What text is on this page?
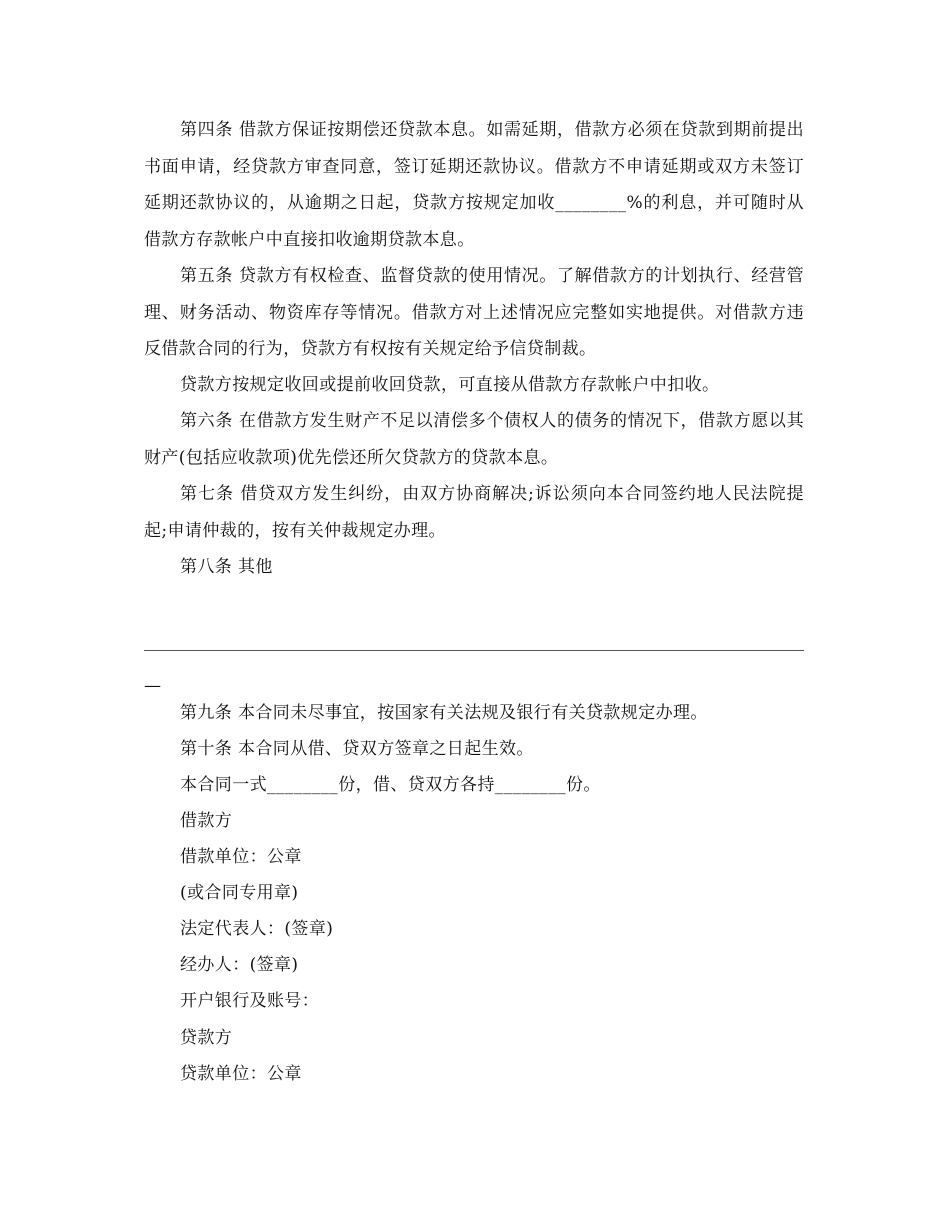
第四条 借款方保证按期偿还贷款本息。如需延期，借款方必须在贷款到期前提出书面申请，经贷款方审查同意，签订延期还款协议。借款方不申请延期或双方未签订延期还款协议的，从逾期之日起，贷款方按规定加收________%的利息，并可随时从借款方存款帐户中直接扣收逾期贷款本息。

第五条 贷款方有权检查、监督贷款的使用情况。了解借款方的计划执行、经营管理、财务活动、物资库存等情况。借款方对上述情况应完整如实地提供。对借款方违反借款合同的行为，贷款方有权按有关规定给予信贷制裁。

贷款方按规定收回或提前收回贷款，可直接从借款方存款帐户中扣收。

第六条 在借款方发生财产不足以清偿多个债权人的债务的情况下，借款方愿以其财产(包括应收款项)优先偿还所欠贷款方的贷款本息。

第七条 借贷双方发生纠纷，由双方协商解决;诉讼须向本合同签约地人民法院提起;申请仲裁的，按有关仲裁规定办理。

第八条 其他

—

第九条 本合同未尽事宜，按国家有关法规及银行有关贷款规定办理。

第十条 本合同从借、贷双方签章之日起生效。

本合同一式________份，借、贷双方各持________份。

借款方

借款单位：公章

(或合同专用章)

法定代表人：(签章)

经办人：(签章)

开户银行及账号：

贷款方

贷款单位：公章
